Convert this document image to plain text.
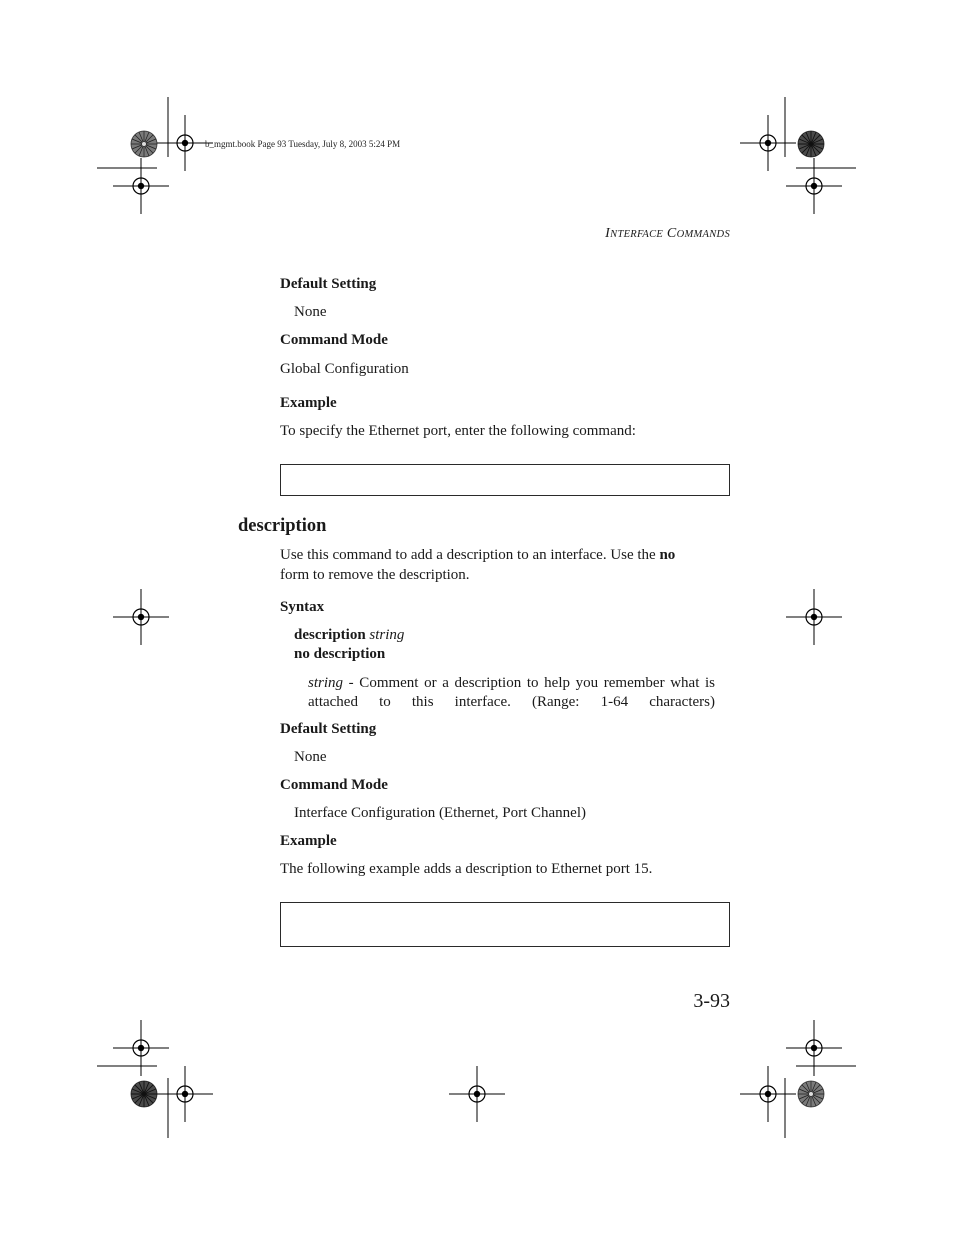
b_mgmt.book Page 93 Tuesday, July 8, 2003 5:24 PM
INTERFACE COMMANDS
Default Setting
None
Command Mode
Global Configuration
Example
To specify the Ethernet port, enter the following command:
description
Use this command to add a description to an interface. Use the no
form to remove the description.
Syntax
description string
no description
string - Comment or a description to help you remember what is attached to this interface. (Range: 1-64 characters)
Default Setting
None
Command Mode
Interface Configuration (Ethernet, Port Channel)
Example
The following example adds a description to Ethernet port 15.
3-93
